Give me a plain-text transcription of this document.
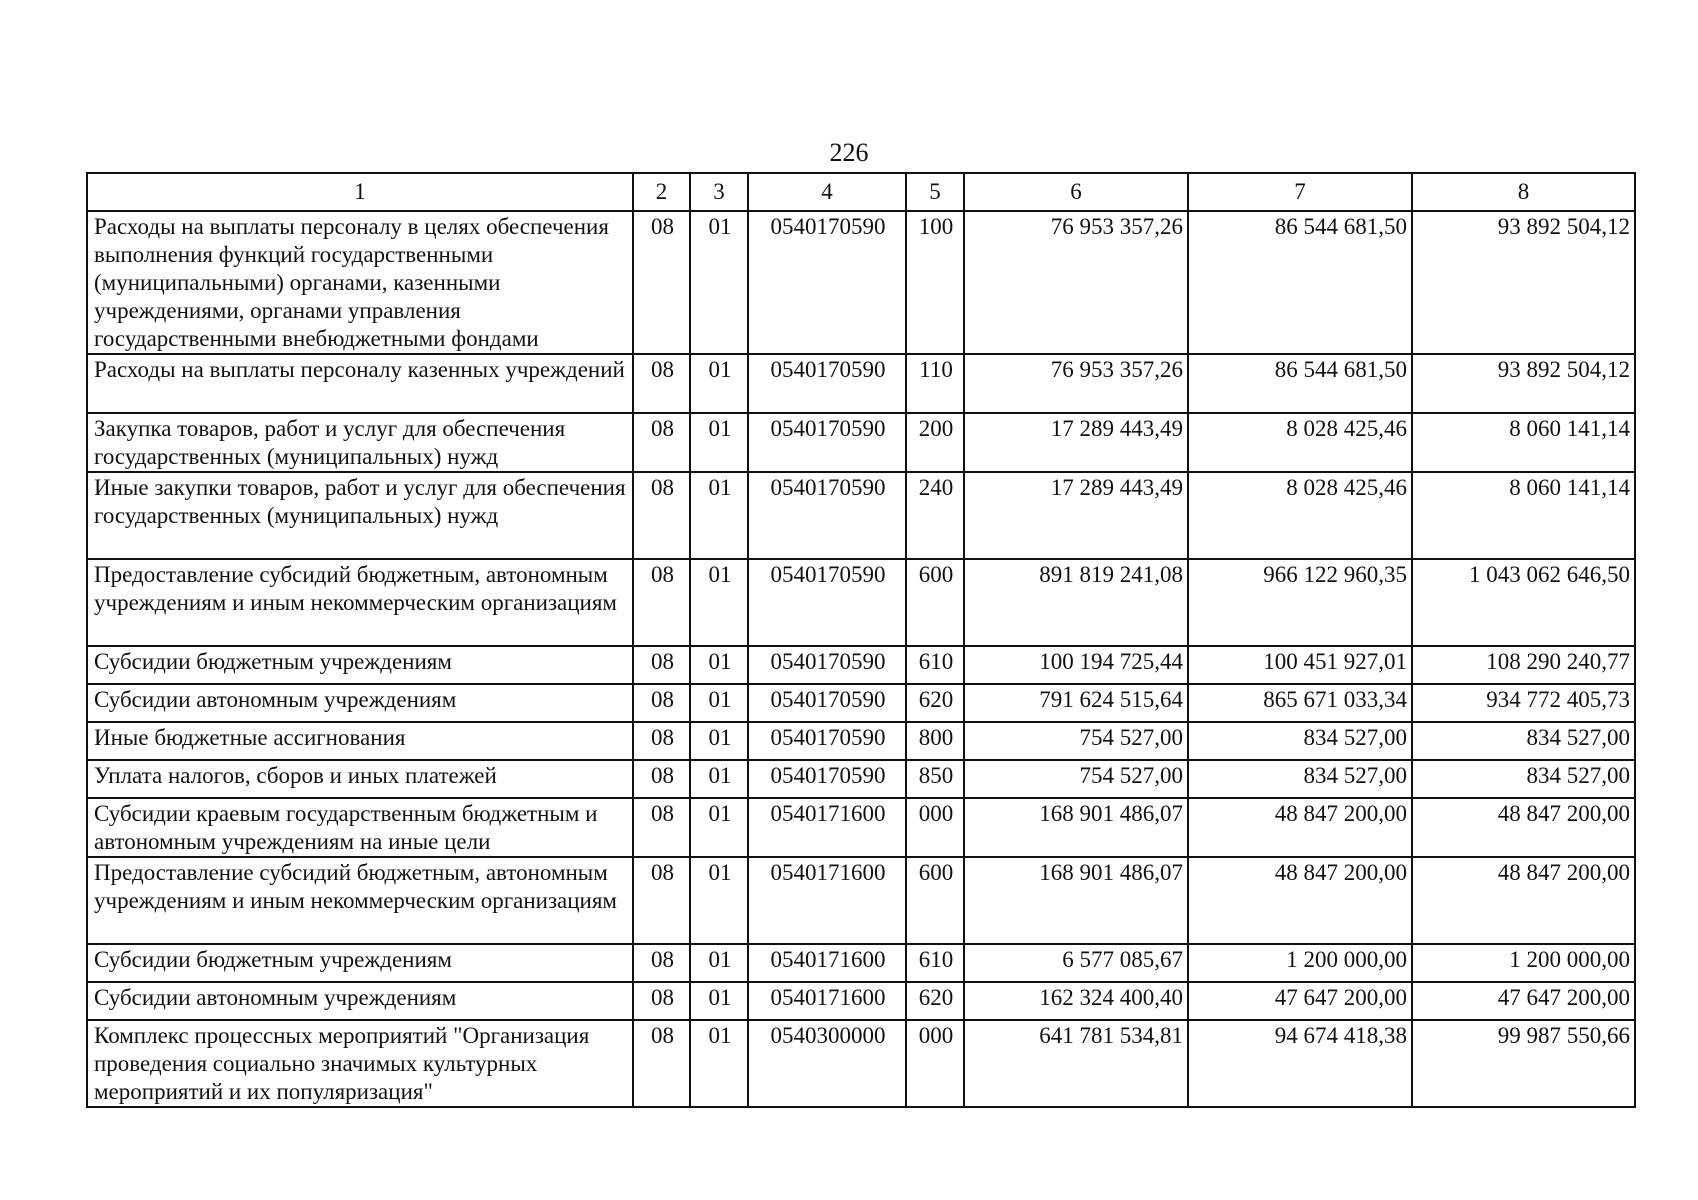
226
1	2	3	4	5	6	7	8

Расходы на выплаты персоналу в целях обеспечения выполнения функций государственными (муниципальными) органами, казенными учреждениями, органами управления государственными внебюджетными фондами	08	01	0540170590	100	76 953 357,26	86 544 681,50	93 892 504,12

Расходы на выплаты персоналу казенных учреждений	08	01	0540170590	110	76 953 357,26	86 544 681,50	93 892 504,12

Закупка товаров, работ и услуг для обеспечения государственных (муниципальных) нужд	08	01	0540170590	200	17 289 443,49	8 028 425,46	8 060 141,14

Иные закупки товаров, работ и услуг для обеспечения государственных (муниципальных) нужд	08	01	0540170590	240	17 289 443,49	8 028 425,46	8 060 141,14

Предоставление субсидий бюджетным, автономным учреждениям и иным некоммерческим организациям	08	01	0540170590	600	891 819 241,08	966 122 960,35	1 043 062 646,50

Субсидии бюджетным учреждениям	08	01	0540170590	610	100 194 725,44	100 451 927,01	108 290 240,77

Субсидии автономным учреждениям	08	01	0540170590	620	791 624 515,64	865 671 033,34	934 772 405,73

Иные бюджетные ассигнования	08	01	0540170590	800	754 527,00	834 527,00	834 527,00

Уплата налогов, сборов и иных платежей	08	01	0540170590	850	754 527,00	834 527,00	834 527,00

Субсидии краевым государственным бюджетным и автономным учреждениям на иные цели	08	01	0540171600	000	168 901 486,07	48 847 200,00	48 847 200,00

Предоставление субсидий бюджетным, автономным учреждениям и иным некоммерческим организациям	08	01	0540171600	600	168 901 486,07	48 847 200,00	48 847 200,00

Субсидии бюджетным учреждениям	08	01	0540171600	610	6 577 085,67	1 200 000,00	1 200 000,00

Субсидии автономным учреждениям	08	01	0540171600	620	162 324 400,40	47 647 200,00	47 647 200,00

Комплекс процессных мероприятий "Организация проведения социально значимых культурных мероприятий и их популяризация"	08	01	0540300000	000	641 781 534,81	94 674 418,38	99 987 550,66
